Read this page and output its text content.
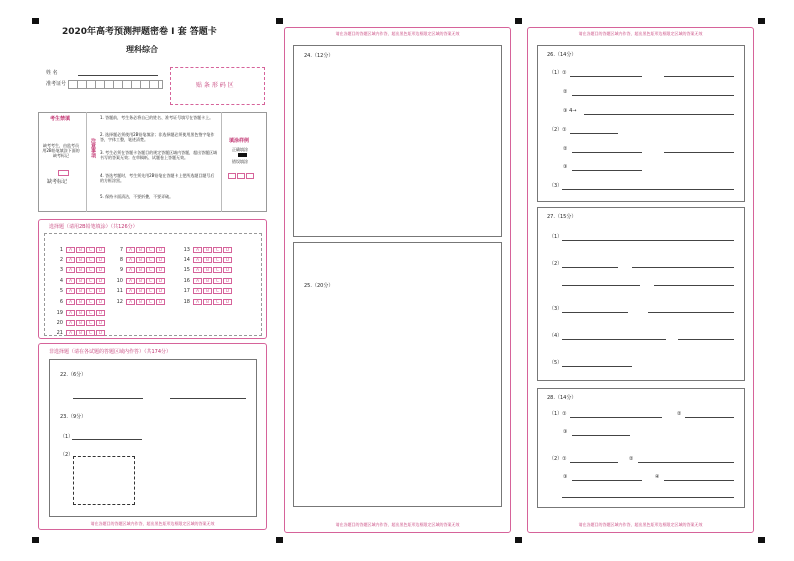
2020年高考预测押题密卷 Ⅰ 套 答题卡
理科综合
姓 名
准考证号	贴 条 形 码 区
考生禁填
缺考考生，由监考员用2B铅笔填涂下面的缺考标记
缺考标记
注意事项
1. 答题前，考生务必将自己的姓名、准考证号填写在答题卡上。
2. 选择题必须使用2B铅笔填涂；非选择题必须使用黑色签字笔作答，字体工整，笔迹清楚。
3. 考生必须在答题卡各题目的规定答题区域内答题，超出答题区域书写的答案无效；在草稿纸、试题卷上答题无效。
4. 答选考题时，考生须先用2B铅笔在答题卡上把所选题目题号后的方框涂黑。
5. 保持卡面清洁，不要折叠，不要弄破。
填涂样例
正确填涂
错误填涂
选择题（请用2B铅笔填涂）（共126分）
1 A B C D
2 A B C D
3 A B C D
4 A B C D
5 A B C D
6 A B C D
7 A B C D
8 A B C D
9 A B C D
10 A B C D
11 A B C D
12 A B C D
13 A B C D
14 A B C D
15 A B C D
16 A B C D
17 A B C D
18 A B C D
19 A B C D
20 A B C D
21 A B C D
非选择题（请在各试题的答题区域内作答）（共174分）
22.（6分）
23.（9分）
（1）
（2）
请在各题目的答题区域内作答，超出黑色矩形边框限定区域的答案无效
请在各题目的答题区域内作答，超出黑色矩形边框限定区域的答案无效
24.（12分）
25.（20分）
请在各题目的答题区域内作答，超出黑色矩形边框限定区域的答案无效
请在各题目的答题区域内作答，超出黑色矩形边框限定区域的答案无效
26.（14分）
（1）①
②
③ 4→
（2）①
②
③
（3）
27.（15分）
（1）
（2）
（3）
（4）
（5）
28.（14分）
（1）①	②
③
（2）①	②
③	④
请在各题目的答题区域内作答，超出黑色矩形边框限定区域的答案无效
